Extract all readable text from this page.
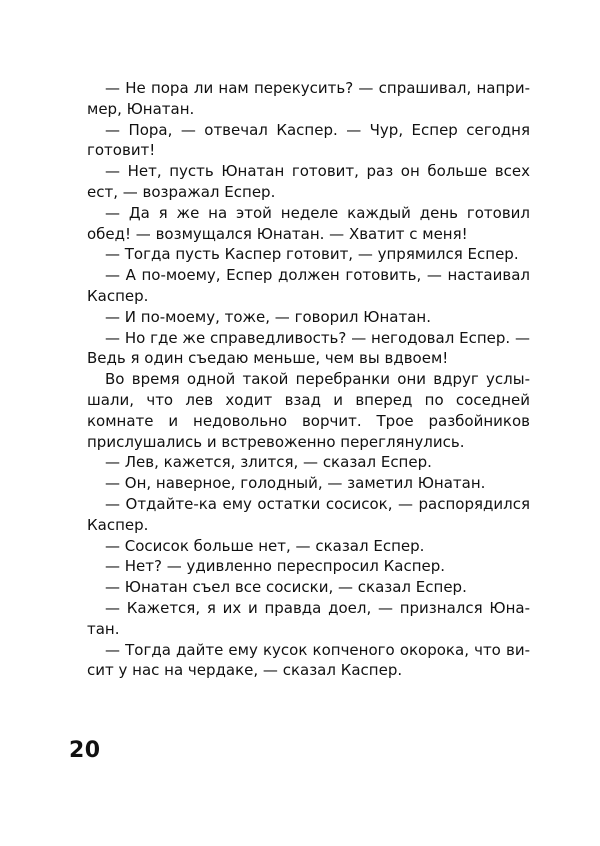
— Не пора ли нам перекусить? — спрашивал, например, Юнатан.

— Пора, — отвечал Каспер. — Чур, Еспер сегодня готовит!

— Нет, пусть Юнатан готовит, раз он больше всех ест, — возражал Еспер.

— Да я же на этой неделе каждый день готовил обед! — возмущался Юнатан. — Хватит с меня!

— Тогда пусть Каспер готовит, — упрямился Еспер.

— А по-моему, Еспер должен готовить, — настаивал Каспер.

— И по-моему, тоже, — говорил Юнатан.

— Но где же справедливость? — негодовал Еспер. — Ведь я один съедаю меньше, чем вы вдвоем!

Во время одной такой перебранки они вдруг услышали, что лев ходит взад и вперед по соседней комнате и недовольно ворчит. Трое разбойников прислушались и встревоженно переглянулись.

— Лев, кажется, злится, — сказал Еспер.

— Он, наверное, голодный, — заметил Юнатан.

— Отдайте-ка ему остатки сосисок, — распорядился Каспер.

— Сосисок больше нет, — сказал Еспер.

— Нет? — удивленно переспросил Каспер.

— Юнатан съел все сосиски, — сказал Еспер.

— Кажется, я их и правда доел, — признался Юнатан.

— Тогда дайте ему кусок копченого окорока, что висит у нас на чердаке, — сказал Каспер.

20
